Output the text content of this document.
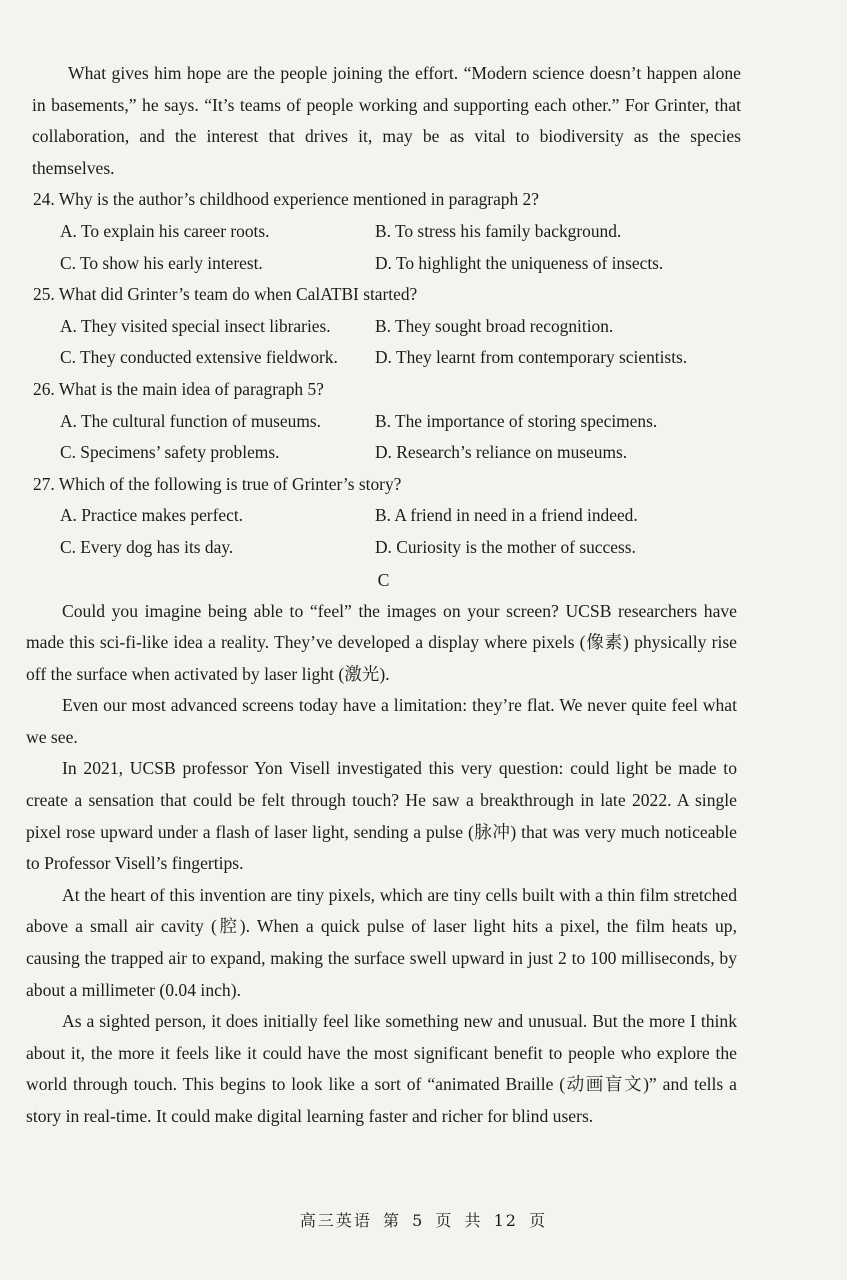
What gives him hope are the people joining the effort. “Modern science doesn’t happen alone in basements,” he says. “It’s teams of people working and supporting each other.” For Grinter, that collaboration, and the interest that drives it, may be as vital to biodiversity as the species themselves.

24. Why is the author’s childhood experience mentioned in paragraph 2?
A. To explain his career roots.	B. To stress his family background.
C. To show his early interest.	D. To highlight the uniqueness of insects.
25. What did Grinter’s team do when CalATBI started?
A. They visited special insect libraries.	B. They sought broad recognition.
C. They conducted extensive fieldwork. D. They learnt from contemporary scientists.
26. What is the main idea of paragraph 5?
A. The cultural function of museums.	B. The importance of storing specimens.
C. Specimens’ safety problems.	D. Research’s reliance on museums.
27. Which of the following is true of Grinter’s story?
A. Practice makes perfect.	B. A friend in need in a friend indeed.
C. Every dog has its day.	D. Curiosity is the mother of success.
C

Could you imagine being able to “feel” the images on your screen? UCSB researchers have made this sci-fi-like idea a reality. They’ve developed a display where pixels (像素) physically rise off the surface when activated by laser light (激光).

Even our most advanced screens today have a limitation: they’re flat. We never quite feel what we see.

In 2021, UCSB professor Yon Visell investigated this very question: could light be made to create a sensation that could be felt through touch? He saw a breakthrough in late 2022. A single pixel rose upward under a flash of laser light, sending a pulse (脉冲) that was very much noticeable to Professor Visell’s fingertips.

At the heart of this invention are tiny pixels, which are tiny cells built with a thin film stretched above a small air cavity (腔). When a quick pulse of laser light hits a pixel, the film heats up, causing the trapped air to expand, making the surface swell upward in just 2 to 100 milliseconds, by about a millimeter (0.04 inch).

As a sighted person, it does initially feel like something new and unusual. But the more I think about it, the more it feels like it could have the most significant benefit to people who explore the world through touch. This begins to look like a sort of “animated Braille (动画盲文)” and tells a story in real-time. It could make digital learning faster and richer for blind users.

高三英语 第 5 页 共 12 页
